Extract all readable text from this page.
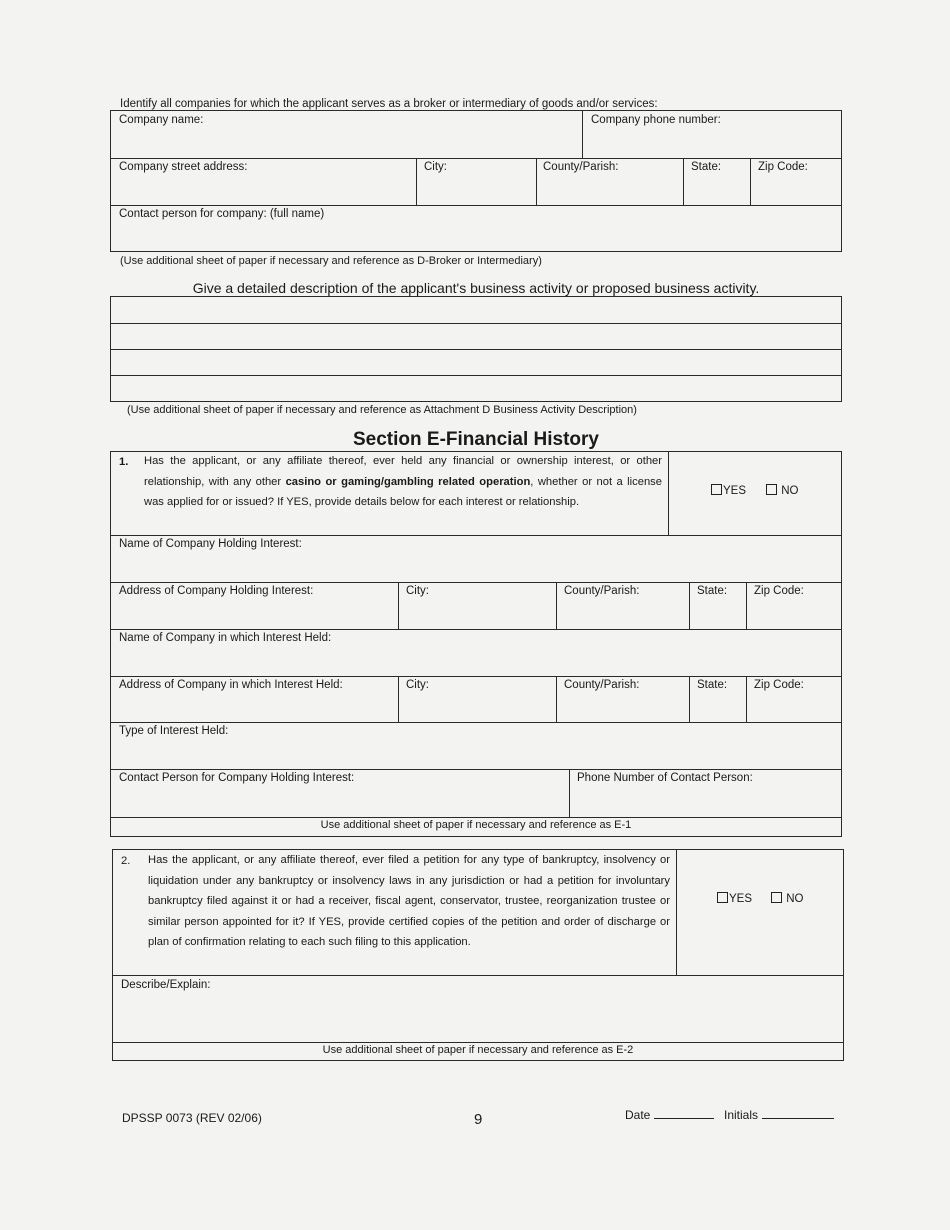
Identify all companies for which the applicant serves as a broker or intermediary of goods and/or services:
Company name:	Company phone number:
Company street address:	City:	County/Parish:	State:	Zip Code:
Contact person for company: (full name)
(Use additional sheet of paper if necessary and reference as D-Broker or Intermediary)
Give a detailed description of the applicant's business activity or proposed business activity.
(Use additional sheet of paper if necessary and reference as Attachment D Business Activity Description)
Section E-Financial History
1. Has the applicant, or any affiliate thereof, ever held any financial or ownership interest, or other relationship, with any other casino or gaming/gambling related operation, whether or not a license was applied for or issued? If YES, provide details below for each interest or relationship.
YES	NO
Name of Company Holding Interest:
Address of Company Holding Interest:	City:	County/Parish:	State: Zip Code:
Name of Company in which Interest Held:
Address of Company in which Interest Held:	City:	County/Parish:	State: Zip Code:
Type of Interest Held:
Contact Person for Company Holding Interest:	Phone Number of Contact Person:
Use additional sheet of paper if necessary and reference as E-1
2. Has the applicant, or any affiliate thereof, ever filed a petition for any type of bankruptcy, insolvency or liquidation under any bankruptcy or insolvency laws in any jurisdiction or had a petition for involuntary bankruptcy filed against it or had a receiver, fiscal agent, conservator, trustee, reorganization trustee or similar person appointed for it? If YES, provide certified copies of the petition and order of discharge or plan of confirmation relating to each such filing to this application.
YES	NO
Describe/Explain:
Use additional sheet of paper if necessary and reference as E-2
DPSSP 0073 (REV 02/06)	9	Date	Initials
